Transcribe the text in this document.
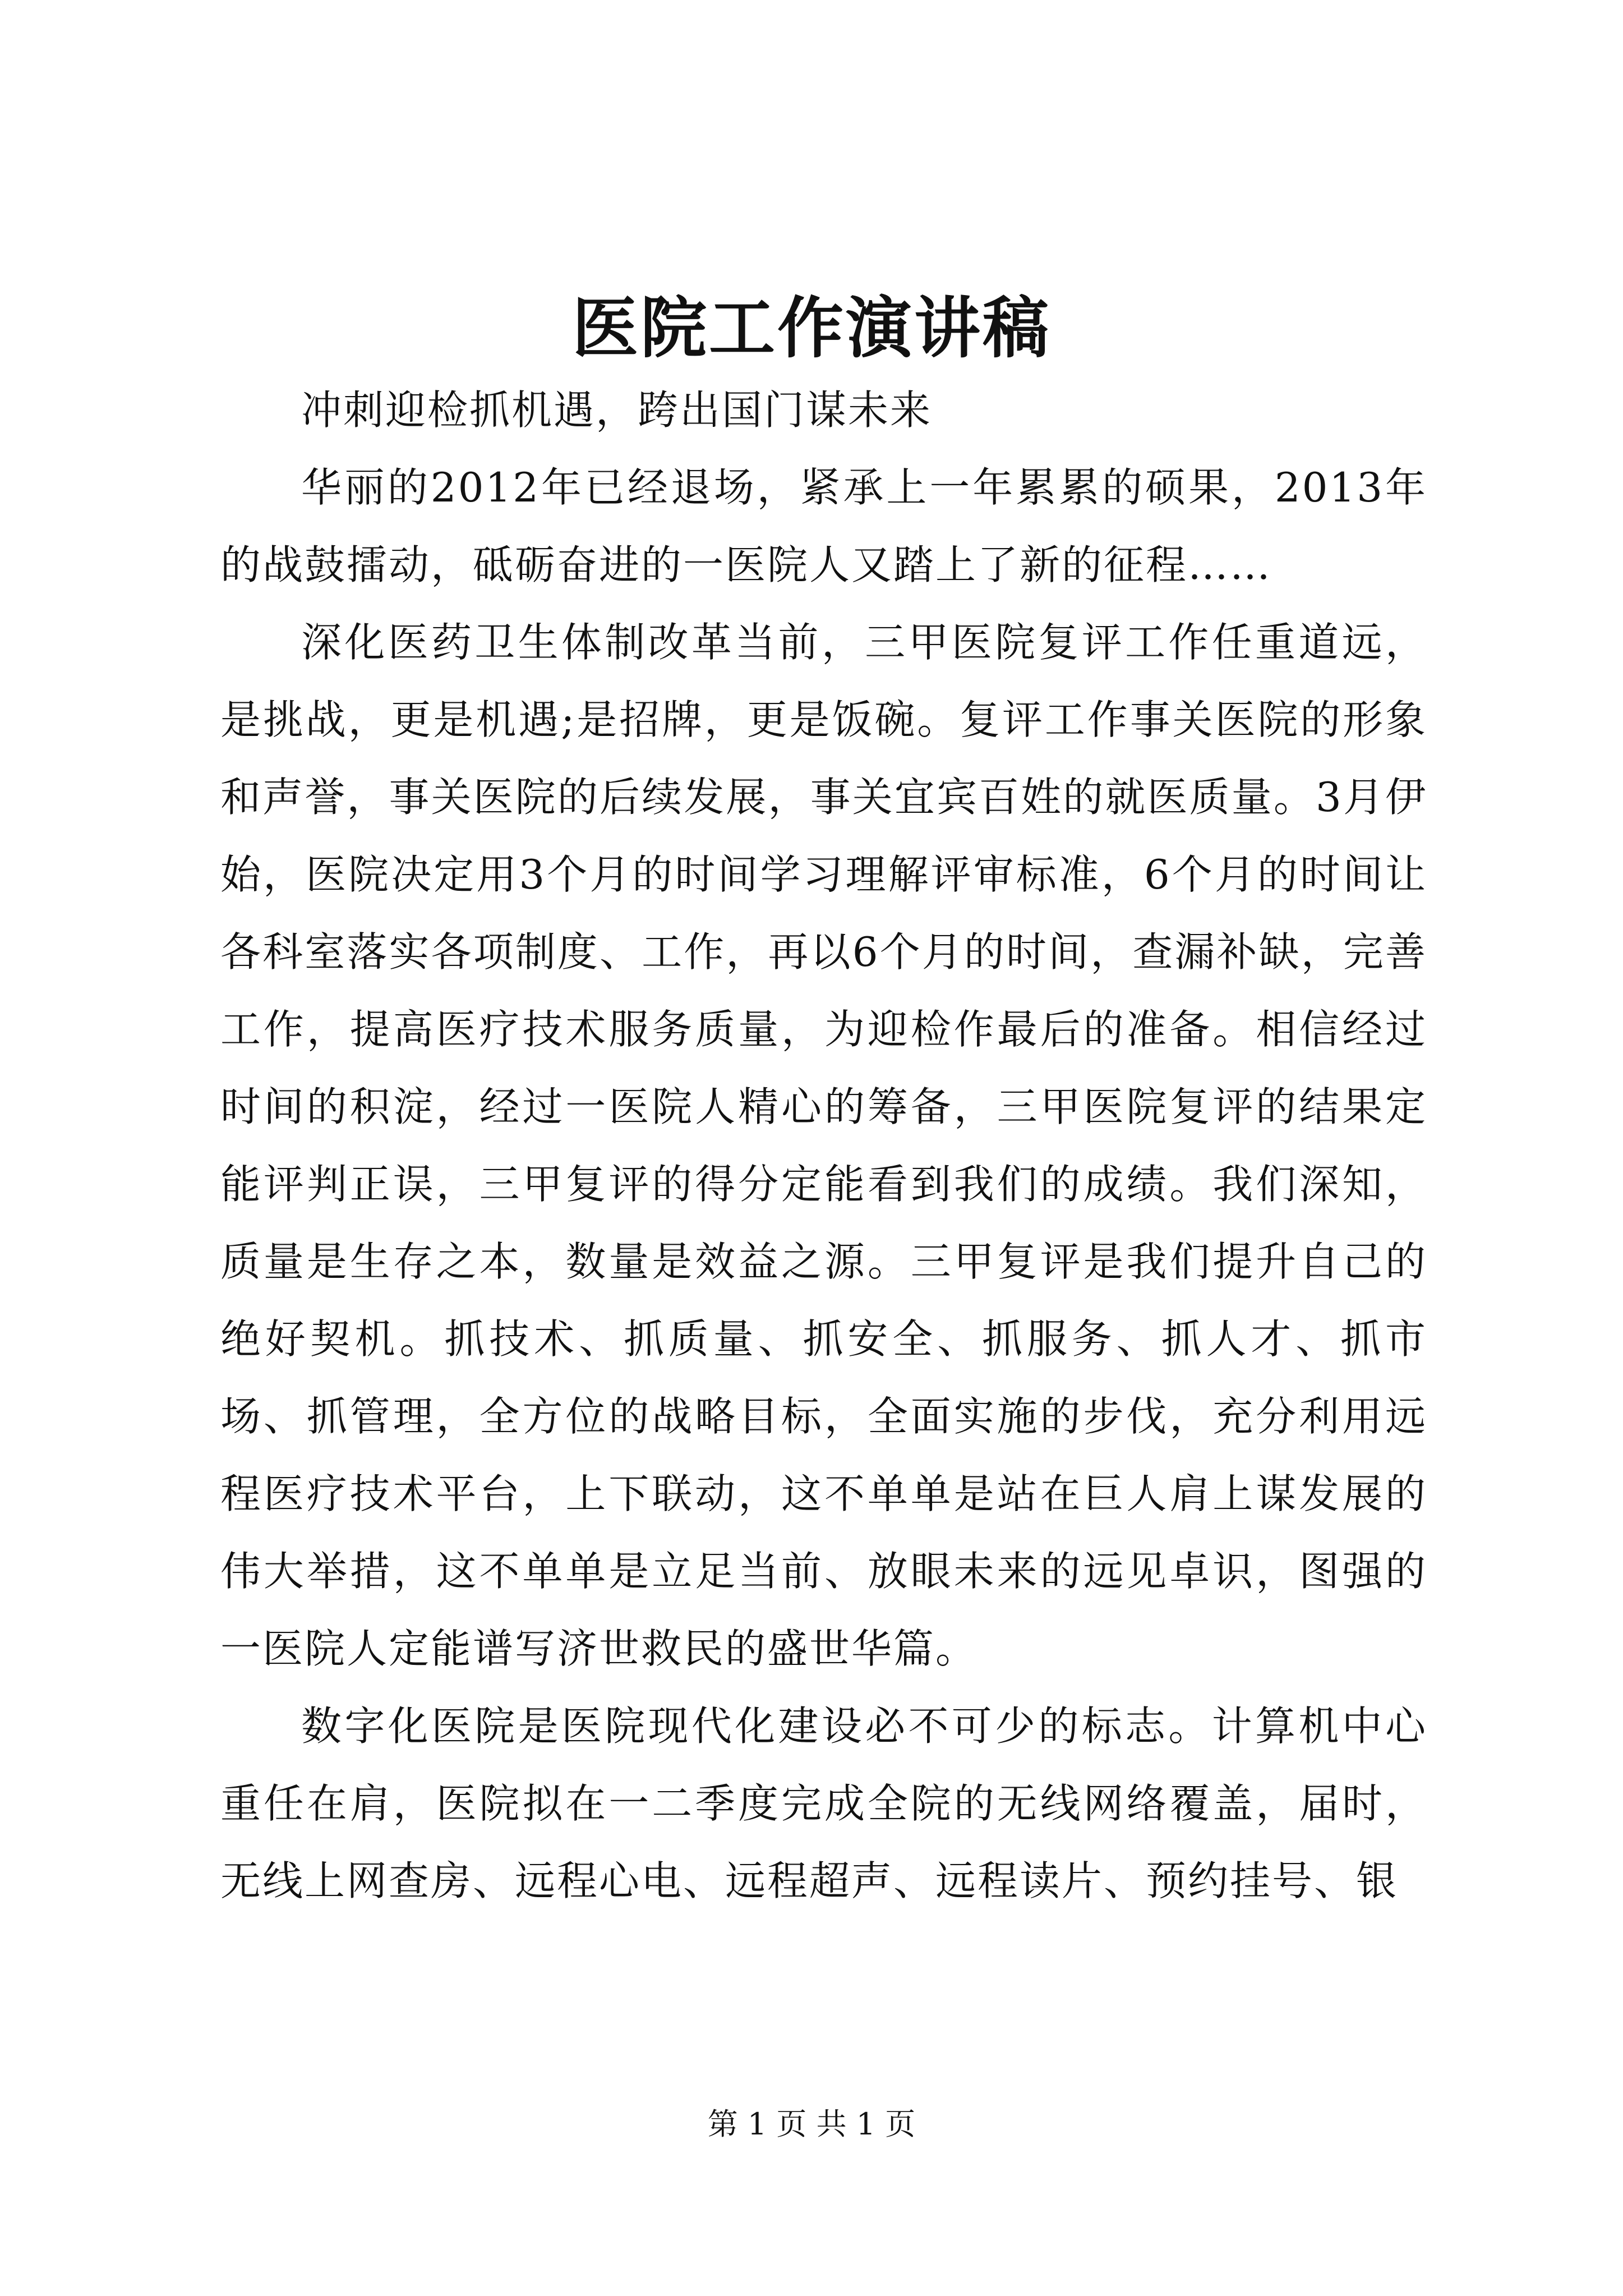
医院工作演讲稿

冲刺迎检抓机遇，跨出国门谋未来

华丽的2012年已经退场，紧承上一年累累的硕果，2013年的战鼓擂动，砥砺奋进的一医院人又踏上了新的征程……

深化医药卫生体制改革当前，三甲医院复评工作任重道远，是挑战，更是机遇;是招牌，更是饭碗。复评工作事关医院的形象和声誉，事关医院的后续发展，事关宜宾百姓的就医质量。3月伊始，医院决定用3个月的时间学习理解评审标准，6个月的时间让各科室落实各项制度、工作，再以6个月的时间，查漏补缺，完善工作，提高医疗技术服务质量，为迎检作最后的准备。相信经过时间的积淀，经过一医院人精心的筹备，三甲医院复评的结果定能评判正误，三甲复评的得分定能看到我们的成绩。我们深知，质量是生存之本，数量是效益之源。三甲复评是我们提升自己的绝好契机。抓技术、抓质量、抓安全、抓服务、抓人才、抓市场、抓管理，全方位的战略目标，全面实施的步伐，充分利用远程医疗技术平台，上下联动，这不单单是站在巨人肩上谋发展的伟大举措，这不单单是立足当前、放眼未来的远见卓识，图强的一医院人定能谱写济世救民的盛世华篇。

数字化医院是医院现代化建设必不可少的标志。计算机中心重任在肩，医院拟在一二季度完成全院的无线网络覆盖，届时，无线上网查房、远程心电、远程超声、远程读片、预约挂号、银

第 1 页 共 1 页
